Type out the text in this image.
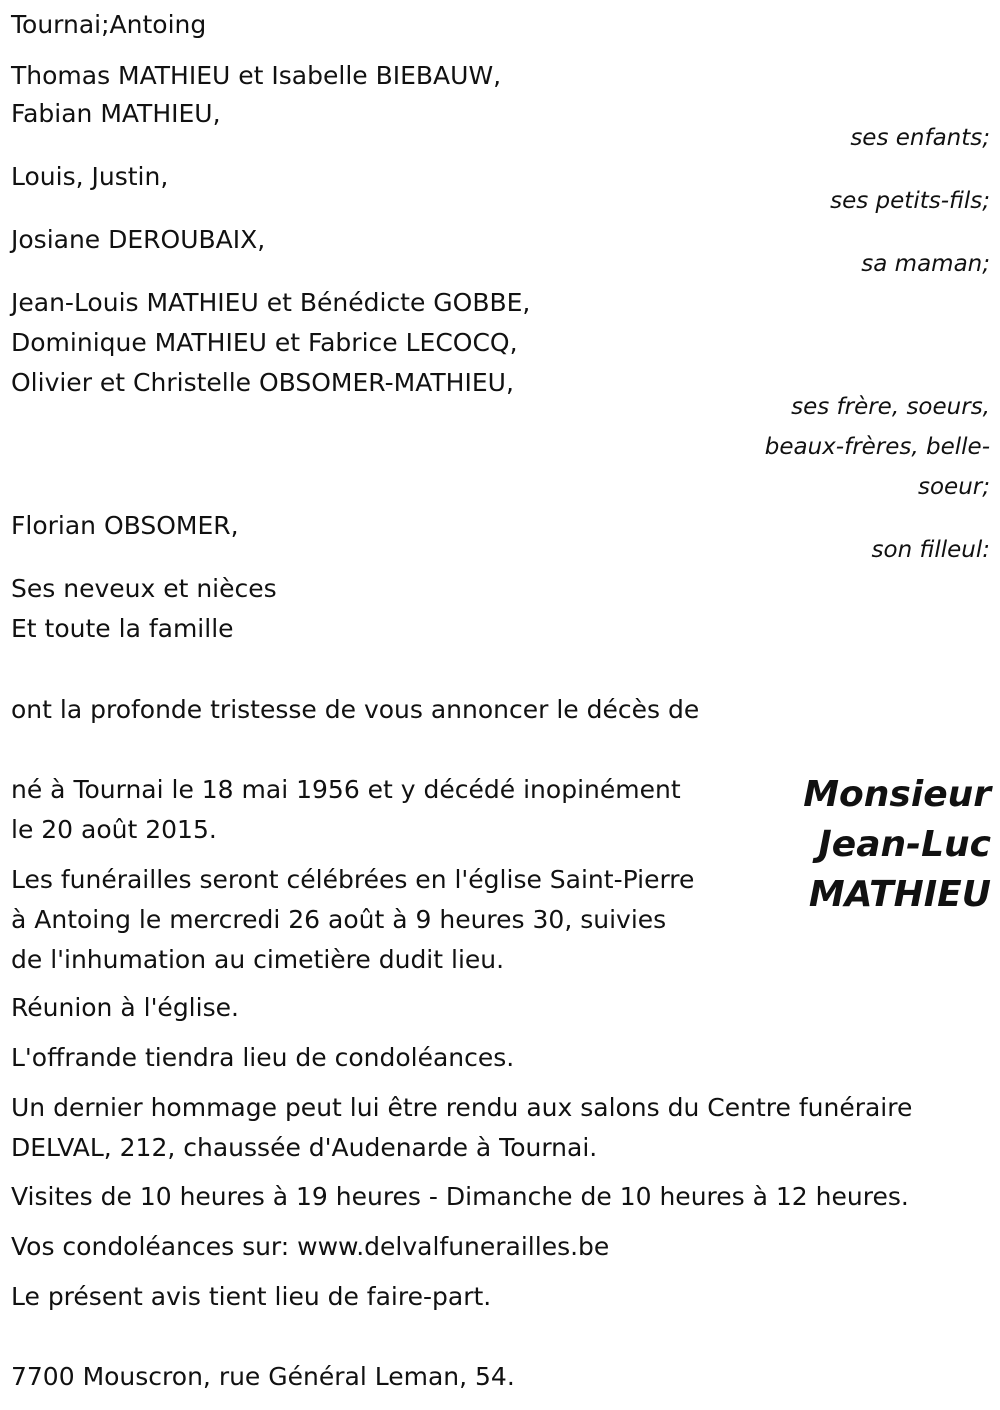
Tournai;Antoing
Thomas MATHIEU et Isabelle BIEBAUW,
Fabian MATHIEU,
ses enfants;
Louis, Justin,
ses petits-fils;
Josiane DEROUBAIX,
sa maman;
Jean-Louis MATHIEU et Bénédicte GOBBE,
Dominique MATHIEU et Fabrice LECOCQ,
Olivier et Christelle OBSOMER-MATHIEU,
ses frère, soeurs,
beaux-frères, belle-
soeur;
Florian OBSOMER,
son filleul:
Ses neveux et nièces
Et toute la famille
ont la profonde tristesse de vous annoncer le décès de
Monsieur
Jean-Luc
MATHIEU
né à Tournai le 18 mai 1956 et y décédé inopinément
le 20 août 2015.
Les funérailles seront célébrées en l'église Saint-Pierre
à Antoing le mercredi 26 août à 9 heures 30, suivies
de l'inhumation au cimetière dudit lieu.
Réunion à l'église.
L'offrande tiendra lieu de condoléances.
Un dernier hommage peut lui être rendu aux salons du Centre funéraire
DELVAL, 212, chaussée d'Audenarde à Tournai.
Visites de 10 heures à 19 heures - Dimanche de 10 heures à 12 heures.
Vos condoléances sur: www.delvalfunerailles.be
Le présent avis tient lieu de faire-part.
7700 Mouscron, rue Général Leman, 54.
